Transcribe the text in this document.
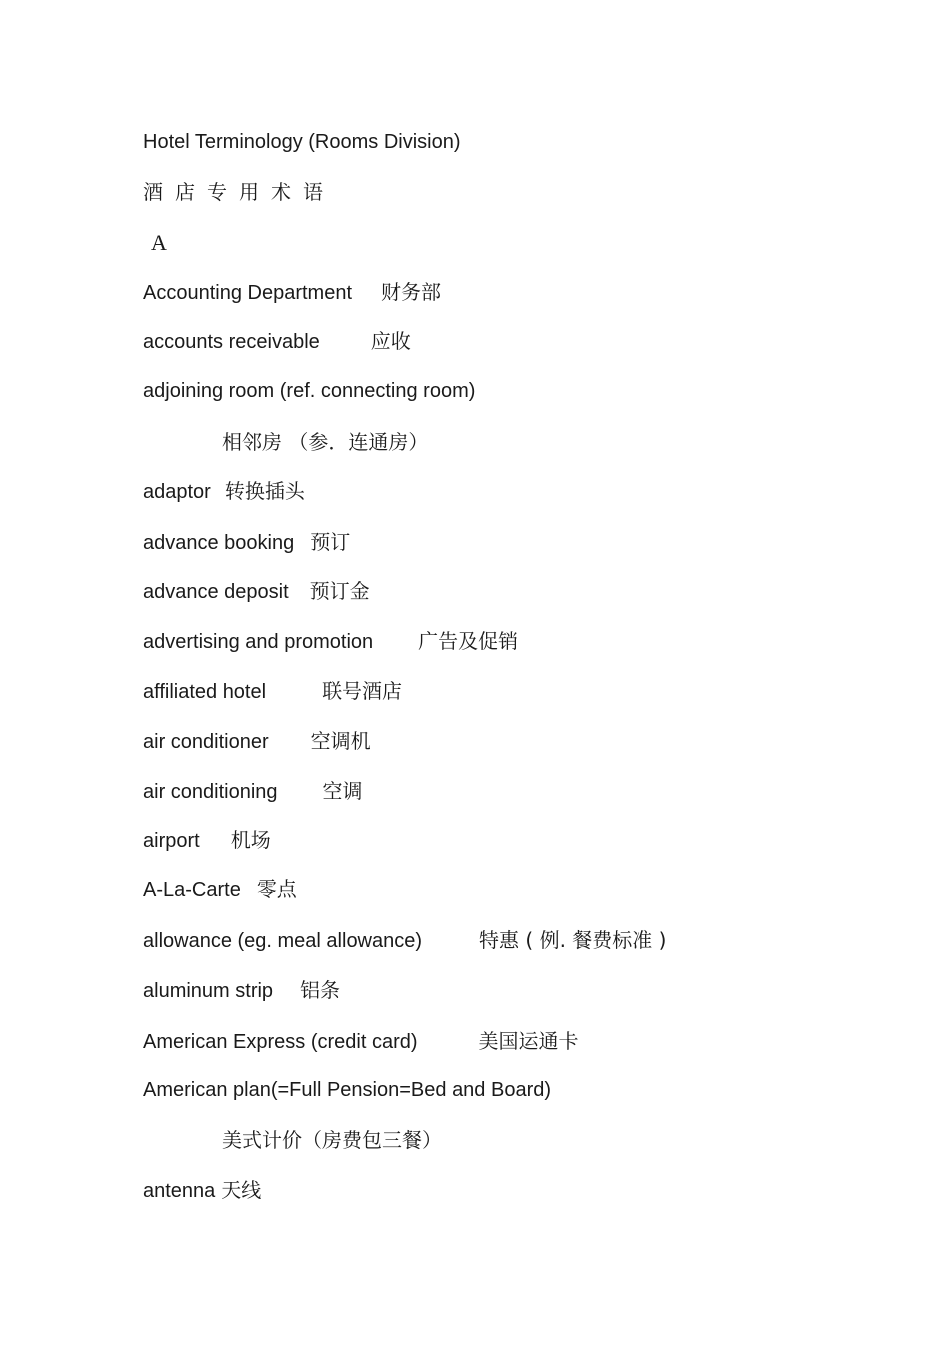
Hotel Terminology (Rooms Division)
酒店专用术语
A
Accounting Department 财务部
accounts receivable	应收
adjoining room (ref. connecting room)
相邻房 （参．连通房）
adaptor 转换插头
advance booking 预订
advance deposit 预订金
advertising and promotion 广告及促销
affiliated hotel	联号酒店
air conditioner 空调机
air conditioning 空调
airport 机场
A-La-Carte 零点
allowance (eg. meal allowance)	特惠 ( 例. 餐费标准 )
aluminum strip 铝条
American Express (credit card)	美国运通卡
American plan(=Full Pension=Bed and Board)
美式计价（房费包三餐）
antenna 天线
